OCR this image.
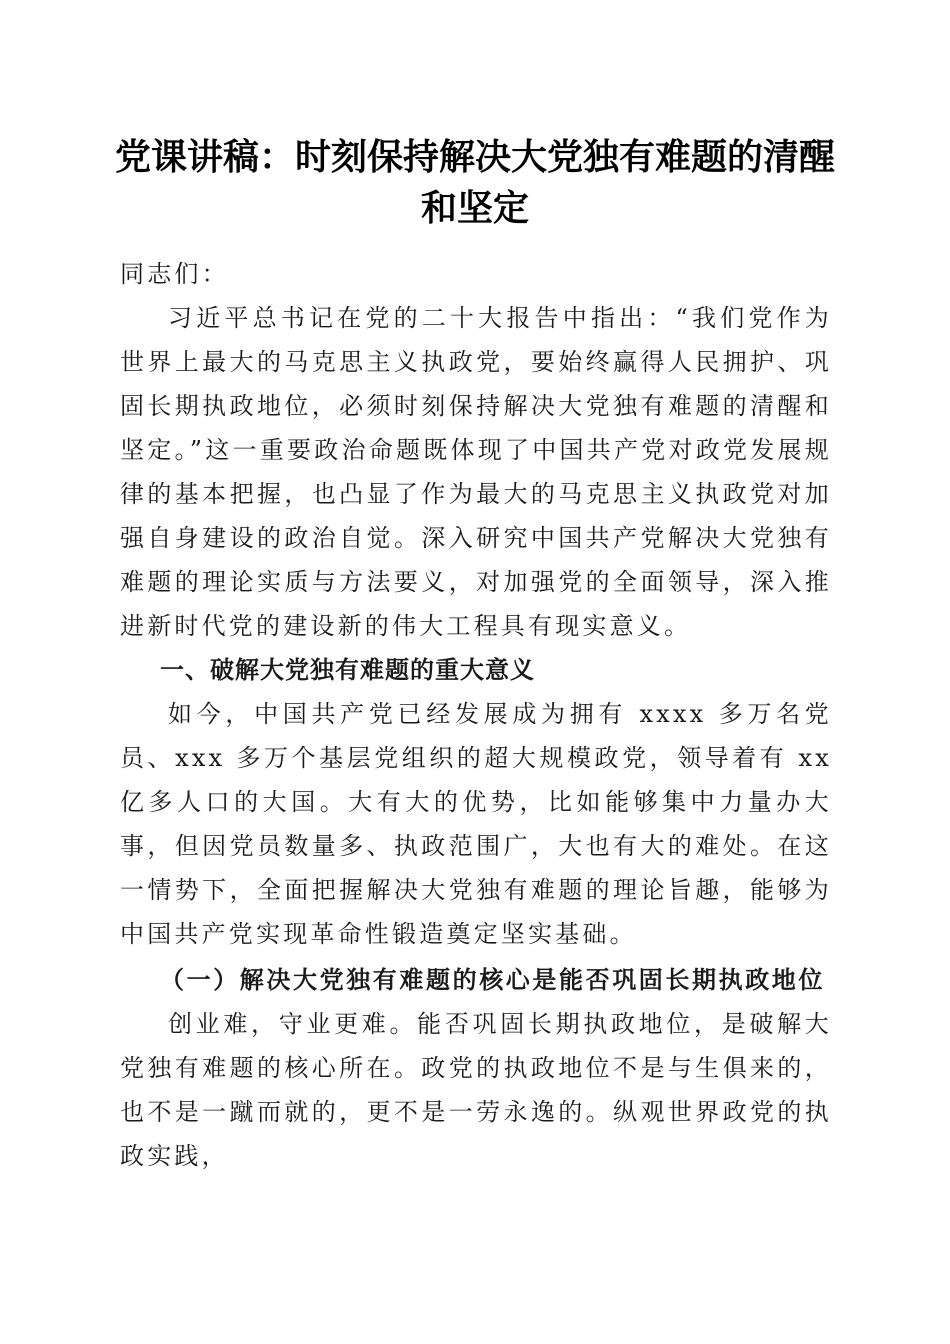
党课讲稿：时刻保持解决大党独有难题的清醒
和坚定

同志们：

习近平总书记在党的二十大报告中指出：“我们党作为世界上最大的马克思主义执政党，要始终赢得人民拥护、巩固长期执政地位，必须时刻保持解决大党独有难题的清醒和坚定。”这一重要政治命题既体现了中国共产党对政党发展规律的基本把握，也凸显了作为最大的马克思主义执政党对加强自身建设的政治自觉。深入研究中国共产党解决大党独有难题的理论实质与方法要义，对加强党的全面领导，深入推进新时代党的建设新的伟大工程具有现实意义。

一、破解大党独有难题的重大意义

如今，中国共产党已经发展成为拥有 xxxx 多万名党员、xxx 多万个基层党组织的超大规模政党，领导着有 xx 亿多人口的大国。大有大的优势，比如能够集中力量办大事，但因党员数量多、执政范围广，大也有大的难处。在这一情势下，全面把握解决大党独有难题的理论旨趣，能够为中国共产党实现革命性锻造奠定坚实基础。

（一）解决大党独有难题的核心是能否巩固长期执政地位

创业难，守业更难。能否巩固长期执政地位，是破解大党独有难题的核心所在。政党的执政地位不是与生俱来的，也不是一蹴而就的，更不是一劳永逸的。纵观世界政党的执政实践，
